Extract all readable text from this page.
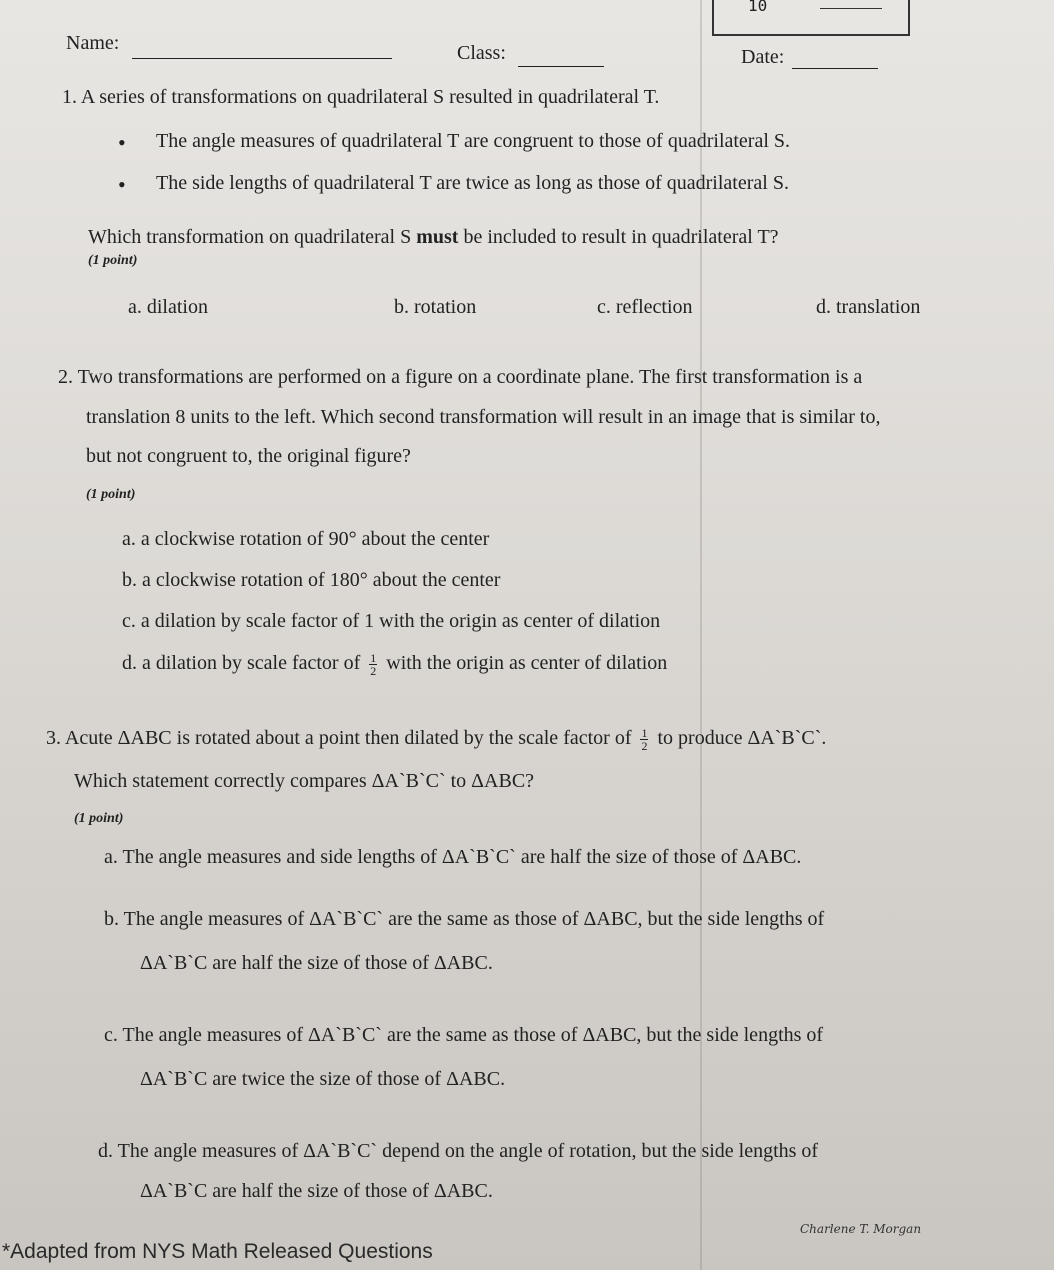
10
Name:	Class:	Date:
1. A series of transformations on quadrilateral S resulted in quadrilateral T.
• The angle measures of quadrilateral T are congruent to those of quadrilateral S.
• The side lengths of quadrilateral T are twice as long as those of quadrilateral S.
Which transformation on quadrilateral S must be included to result in quadrilateral T?
(1 point)
a. dilation	b. rotation	c. reflection	d. translation
2. Two transformations are performed on a figure on a coordinate plane. The first transformation is a
translation 8 units to the left. Which second transformation will result in an image that is similar to,
but not congruent to, the original figure?
(1 point)
a. a clockwise rotation of 90° about the center
b. a clockwise rotation of 180° about the center
c. a dilation by scale factor of 1 with the origin as center of dilation
d. a dilation by scale factor of $\frac{1}{2}$ with the origin as center of dilation
3. Acute ΔABC is rotated about a point then dilated by the scale factor of $\frac{1}{2}$ to produce ΔA`B`C`.
Which statement correctly compares ΔA`B`C` to ΔABC?
(1 point)
a. The angle measures and side lengths of ΔA`B`C` are half the size of those of ΔABC.
b. The angle measures of ΔA`B`C` are the same as those of ΔABC, but the side lengths of
ΔA`B`C are half the size of those of ΔABC.
c. The angle measures of ΔA`B`C` are the same as those of ΔABC, but the side lengths of
ΔA`B`C are twice the size of those of ΔABC.
d. The angle measures of ΔA`B`C` depend on the angle of rotation, but the side lengths of
ΔA`B`C are half the size of those of ΔABC.
Charlene T. Morgan
*Adapted from NYS Math Released Questions
